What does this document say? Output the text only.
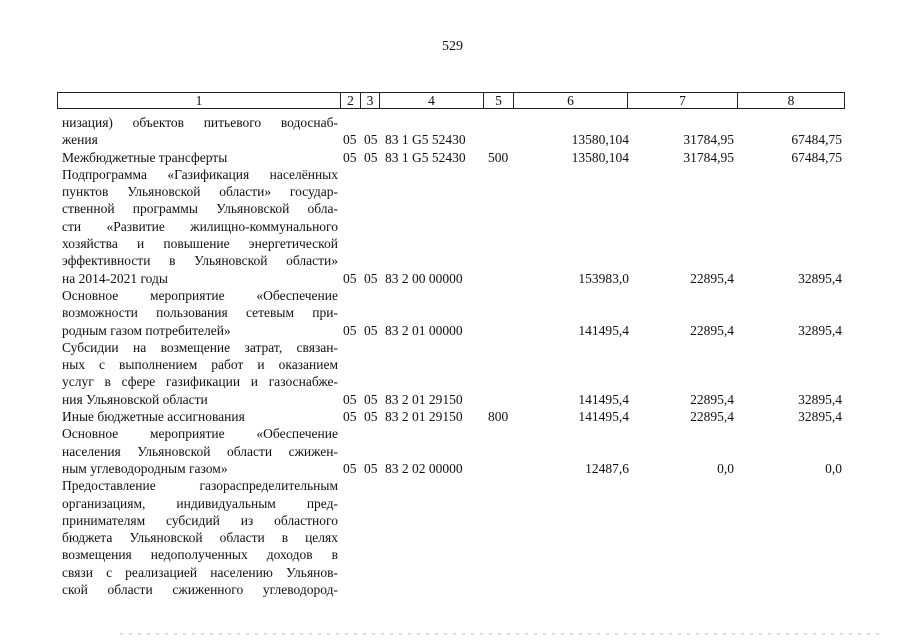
529
1	2 3	4	5	6	7	8
низация) объектов питьевого водоснаб-
жения	05 05 83 1 G5 52430	13580,104	31784,95	67484,75
Межбюджетные трансферты	05 05 83 1 G5 52430 500	13580,104	31784,95	67484,75
Подпрограмма «Газификация населённых
пунктов Ульяновской области» государ-
ственной программы Ульяновской обла-
сти «Развитие жилищно-коммунального
хозяйства и повышение энергетической
эффективности в Ульяновской области»
на 2014-2021 годы	05 05 83 2 00 00000	153983,0	22895,4	32895,4
Основное мероприятие «Обеспечение
возможности пользования сетевым при-
родным газом потребителей»	05 05 83 2 01 00000	141495,4	22895,4	32895,4
Субсидии на возмещение затрат, связан-
ных с выполнением работ и оказанием
услуг в сфере газификации и газоснабже-
ния Ульяновской области	05 05 83 2 01 29150	141495,4	22895,4	32895,4
Иные бюджетные ассигнования	05 05 83 2 01 29150 800	141495,4	22895,4	32895,4
Основное мероприятие «Обеспечение
населения Ульяновской области сжижен-
ным углеводородным газом»	05 05 83 2 02 00000	12487,6	0,0	0,0
Предоставление газораспределительным
организациям, индивидуальным пред-
принимателям субсидий из областного
бюджета Ульяновской области в целях
возмещения недополученных доходов в
связи с реализацией населению Ульянов-
ской области сжиженного углеводород-
